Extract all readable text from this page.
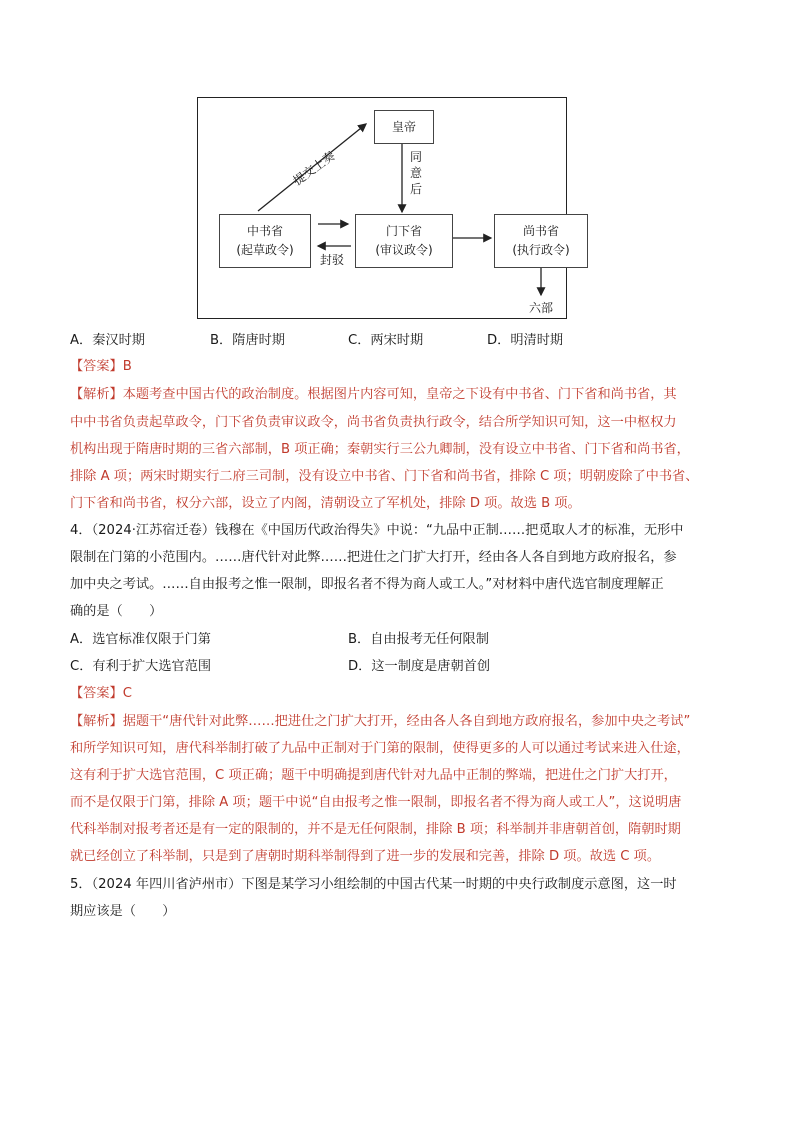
皇帝
中书省
(起草政令)
门下省
(审议政令)
尚书省
(执行政令)
提交上奏	同意后
封驳
六部
A．秦汉时期	B．隋唐时期	C．两宋时期	D．明清时期
【答案】B
【解析】本题考查中国古代的政治制度。根据图片内容可知，皇帝之下设有中书省、门下省和尚书省，其
中中书省负责起草政令，门下省负责审议政令，尚书省负责执行政令，结合所学知识可知，这一中枢权力
机构出现于隋唐时期的三省六部制，B 项正确；秦朝实行三公九卿制，没有设立中书省、门下省和尚书省，
排除 A 项；两宋时期实行二府三司制，没有设立中书省、门下省和尚书省，排除 C 项；明朝废除了中书省、
门下省和尚书省，权分六部，设立了内阁，清朝设立了军机处，排除 D 项。故选 B 项。
4．（2024·江苏宿迁卷）钱穆在《中国历代政治得失》中说：“九品中正制……把觅取人才的标准，无形中
限制在门第的小范围内。……唐代针对此弊……把进仕之门扩大打开，经由各人各自到地方政府报名，参
加中央之考试。……自由报考之惟一限制，即报名者不得为商人或工人。”对材料中唐代选官制度理解正
确的是（　　）
A．选官标准仅限于门第	B．自由报考无任何限制
C．有利于扩大选官范围	D．这一制度是唐朝首创
【答案】C
【解析】据题干“唐代针对此弊……把进仕之门扩大打开，经由各人各自到地方政府报名，参加中央之考试”
和所学知识可知，唐代科举制打破了九品中正制对于门第的限制，使得更多的人可以通过考试来进入仕途，
这有利于扩大选官范围，C 项正确；题干中明确提到唐代针对九品中正制的弊端，把进仕之门扩大打开，
而不是仅限于门第，排除 A 项；题干中说“自由报考之惟一限制，即报名者不得为商人或工人”，这说明唐
代科举制对报考者还是有一定的限制的，并不是无任何限制，排除 B 项；科举制并非唐朝首创，隋朝时期
就已经创立了科举制，只是到了唐朝时期科举制得到了进一步的发展和完善，排除 D 项。故选 C 项。
5．（2024 年四川省泸州市）下图是某学习小组绘制的中国古代某一时期的中央行政制度示意图，这一时
期应该是（　　）
